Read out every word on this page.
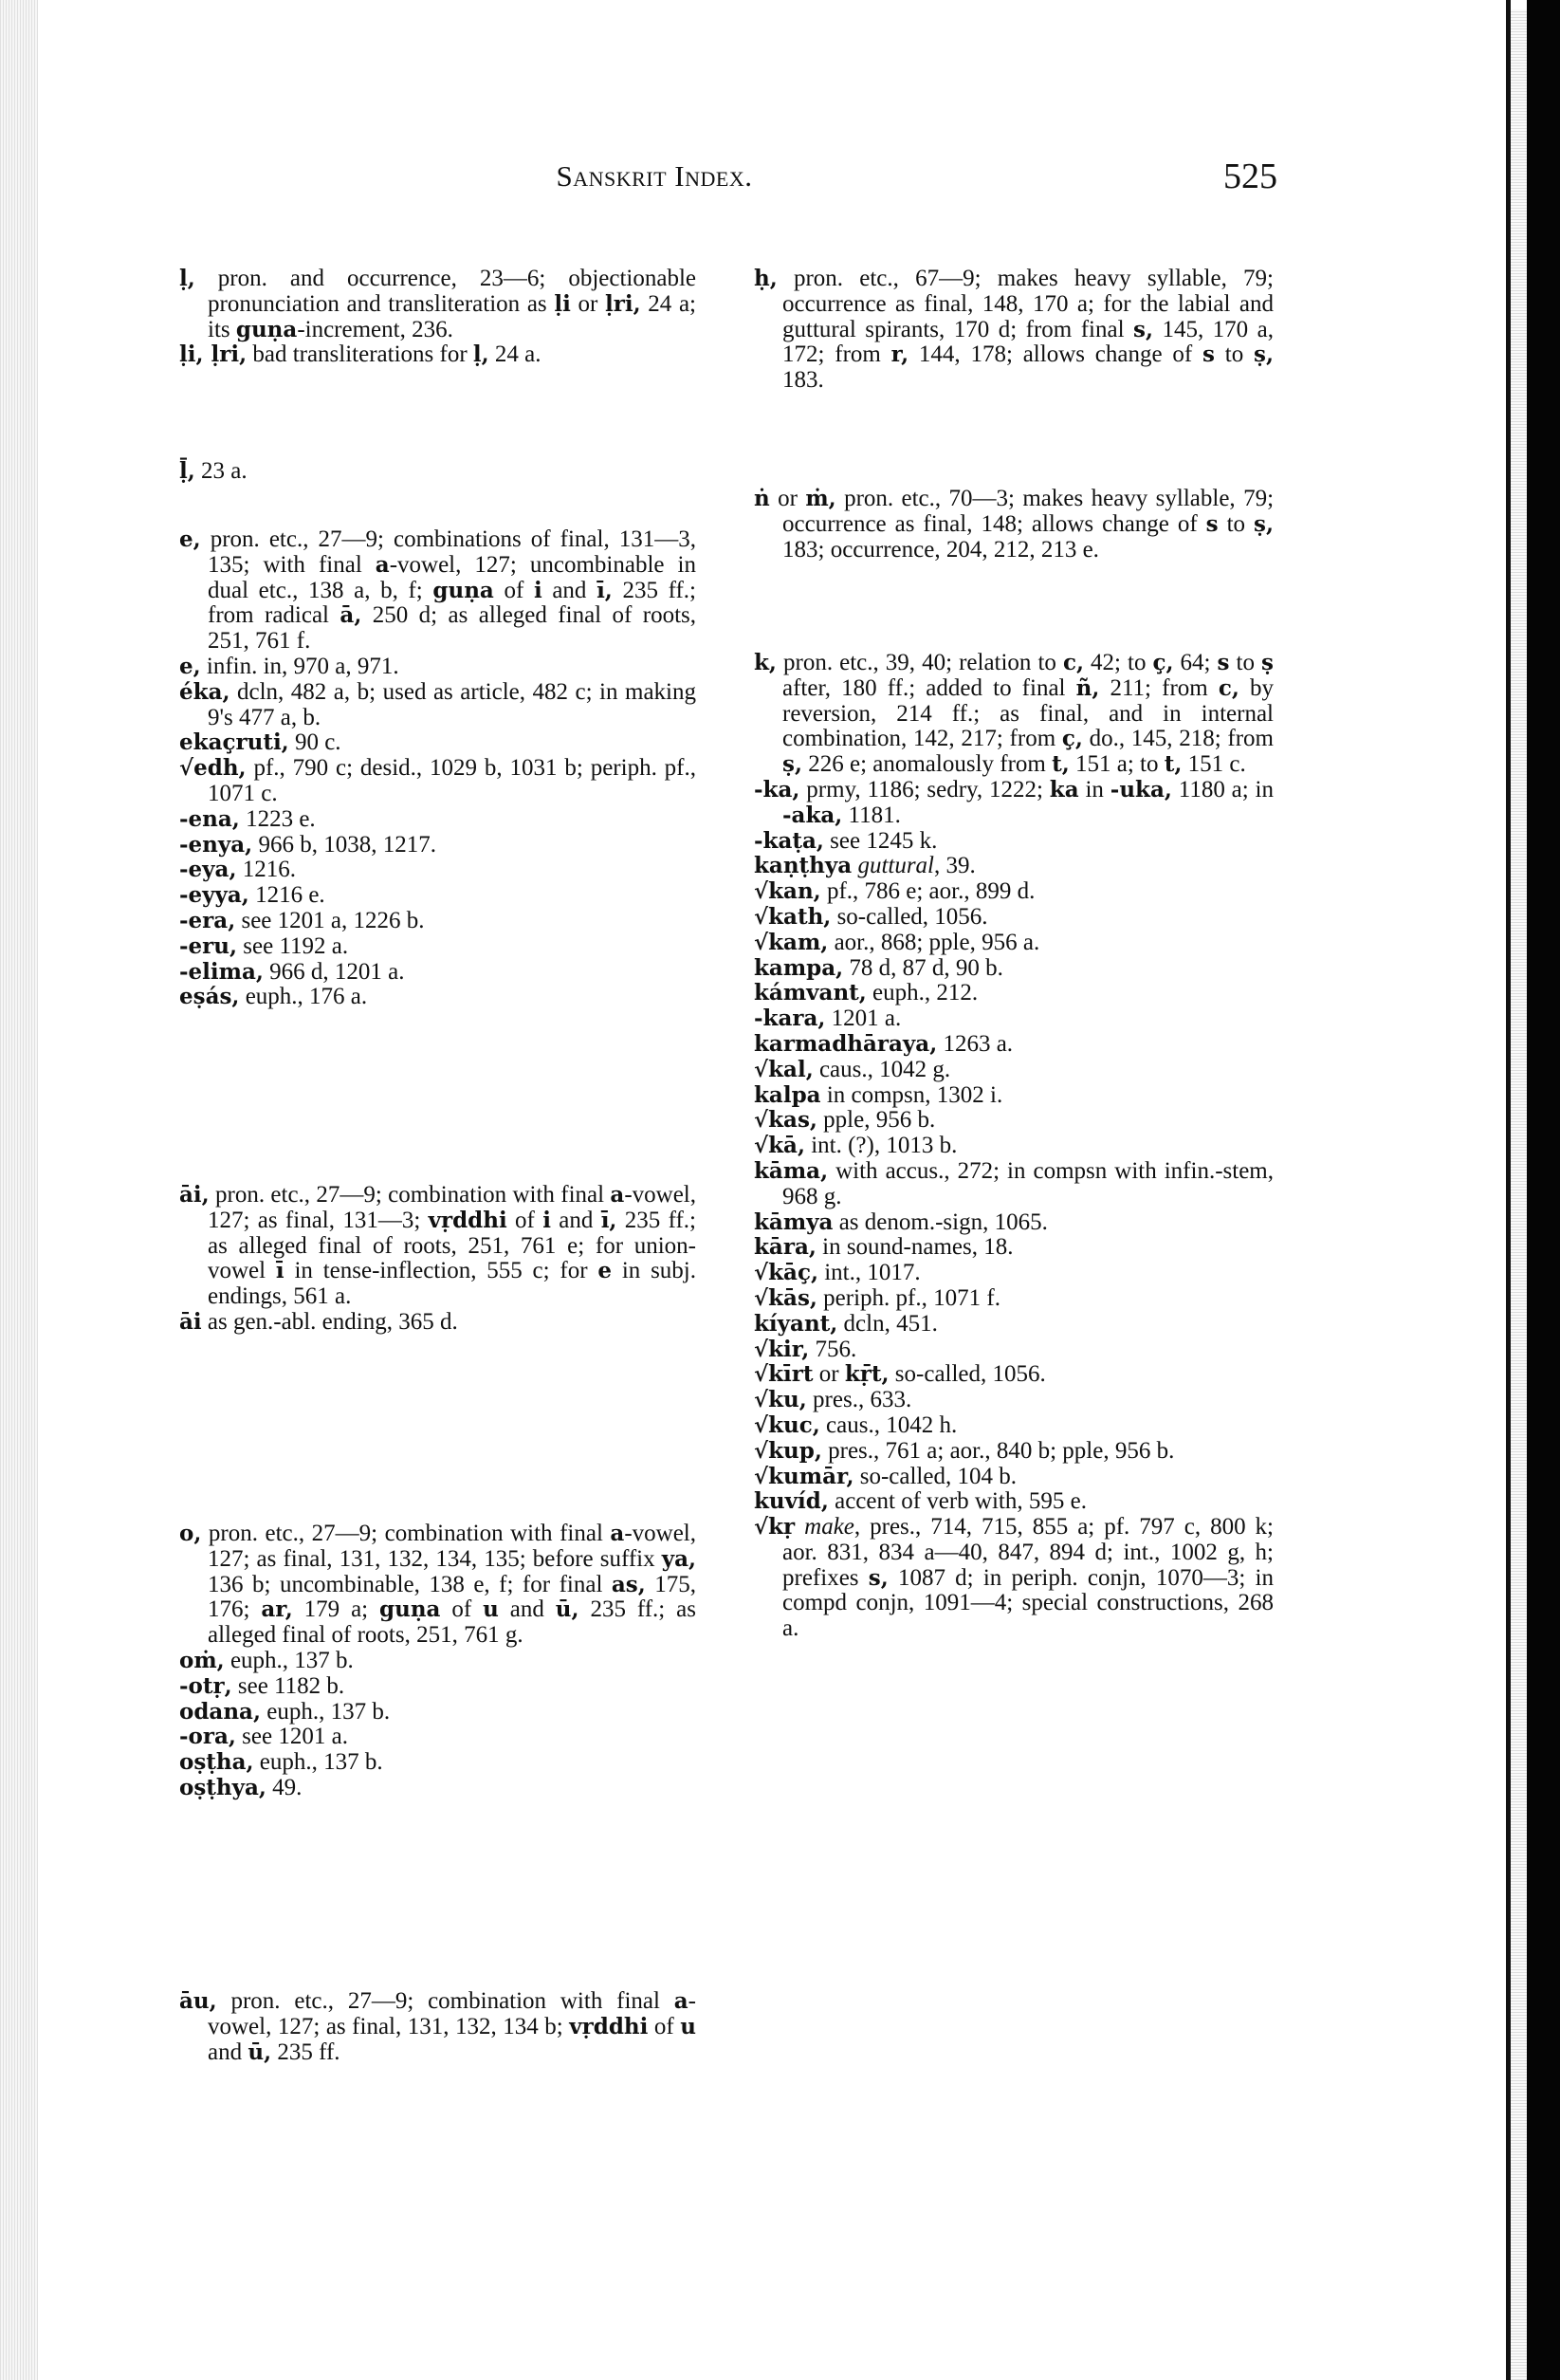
Sanskrit Index.	525
ḷ, pron. and occurrence, 23—6; objectionable pronunciation and transliteration as ḷi or ḷri, 24 a; its guṇa-increment, 236.
ḷi, ḷri, bad transliterations for ḷ, 24 a.
ḹ, 23 a.
e, pron. etc., 27—9; combinations of final, 131—3, 135; with final a-vowel, 127; uncombinable in dual etc., 138 a, b, f; guṇa of i and ī, 235 ff.; from radical ā, 250 d; as alleged final of roots, 251, 761 f.
e, infin. in, 970 a, 971.
éka, dcln, 482 a, b; used as article, 482 c; in making 9's 477 a, b.
ekaçruti, 90 c.
√edh, pf., 790 c; desid., 1029 b, 1031 b; periph. pf., 1071 c.
-ena, 1223 e.
-enya, 966 b, 1038, 1217.
-eya, 1216.
-eyya, 1216 e.
-era, see 1201 a, 1226 b.
-eru, see 1192 a.
-elima, 966 d, 1201 a.
eṣás, euph., 176 a.
āi, pron. etc., 27—9; combination with final a-vowel, 127; as final, 131—3; vṛddhi of i and ī, 235 ff.; as alleged final of roots, 251, 761 e; for union-vowel ī in tense-inflection, 555 c; for e in subj. endings, 561 a.
āi as gen.-abl. ending, 365 d.
o, pron. etc., 27—9; combination with final a-vowel, 127; as final, 131, 132, 134, 135; before suffix ya, 136 b; uncombinable, 138 e, f; for final as, 175, 176; ar, 179 a; guṇa of u and ū, 235 ff.; as alleged final of roots, 251, 761 g.
oṁ, euph., 137 b.
-otṛ, see 1182 b.
odana, euph., 137 b.
-ora, see 1201 a.
oṣṭha, euph., 137 b.
oṣṭhya, 49.
āu, pron. etc., 27—9; combination with final a-vowel, 127; as final, 131, 132, 134 b; vṛddhi of u and ū, 235 ff.
ḥ, pron. etc., 67—9; makes heavy syllable, 79; occurrence as final, 148, 170 a; for the labial and guttural spirants, 170 d; from final s, 145, 170 a, 172; from r, 144, 178; allows change of s to ṣ, 183.
ṅ or ṁ, pron. etc., 70—3; makes heavy syllable, 79; occurrence as final, 148; allows change of s to ṣ, 183; occurrence, 204, 212, 213 e.
k, pron. etc., 39, 40; relation to c, 42; to ç, 64; s to ṣ after, 180 ff.; added to final ñ, 211; from c, by reversion, 214 ff.; as final, and in internal combination, 142, 217; from ç, do., 145, 218; from ṣ, 226 e; anomalously from t, 151 a; to t, 151 c.
-ka, prmy, 1186; sedry, 1222; ka in -uka, 1180 a; in -aka, 1181.
-kaṭa, see 1245 k.
kaṇṭhya guttural, 39.
√kan, pf., 786 e; aor., 899 d.
√kath, so-called, 1056.
√kam, aor., 868; pple, 956 a.
kampa, 78 d, 87 d, 90 b.
kámvant, euph., 212.
-kara, 1201 a.
karmadhāraya, 1263 a.
√kal, caus., 1042 g.
kalpa in compsn, 1302 i.
√kas, pple, 956 b.
√kā, int. (?), 1013 b.
kāma, with accus., 272; in compsn with infin.-stem, 968 g.
kāmya as denom.-sign, 1065.
kāra, in sound-names, 18.
√kāç, int., 1017.
√kās, periph. pf., 1071 f.
kíyant, dcln, 451.
√kir, 756.
√kīrt or kṝt, so-called, 1056.
√ku, pres., 633.
√kuc, caus., 1042 h.
√kup, pres., 761 a; aor., 840 b; pple, 956 b.
√kumār, so-called, 104 b.
kuvíd, accent of verb with, 595 e.
√kṛ make, pres., 714, 715, 855 a; pf. 797 c, 800 k; aor. 831, 834 a—40, 847, 894 d; int., 1002 g, h; prefixes s, 1087 d; in periph. conjn, 1070—3; in compd conjn, 1091—4; special constructions, 268 a.
